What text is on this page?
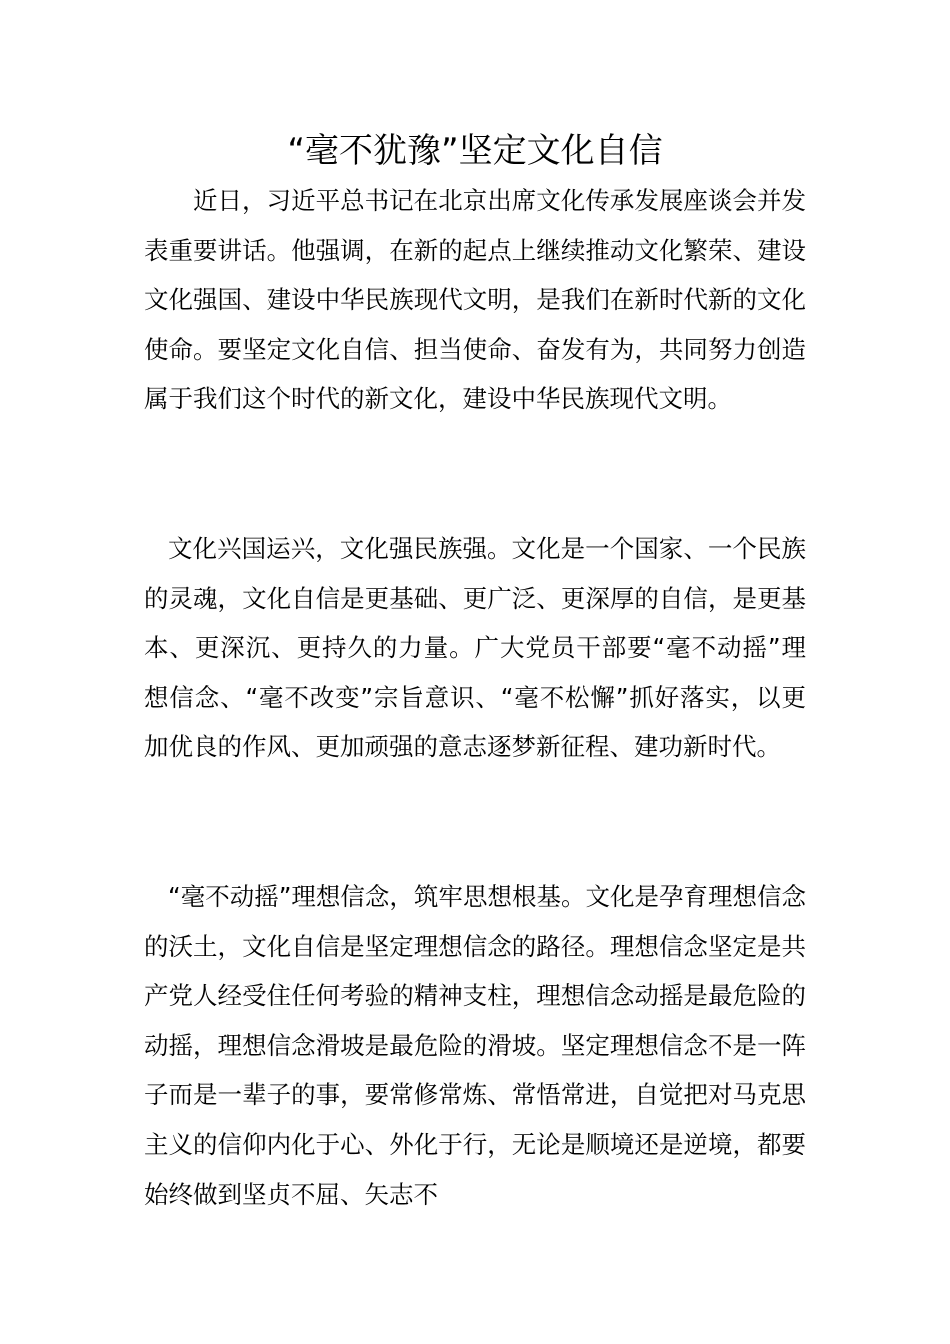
“毫不犹豫”坚定文化自信

近日，习近平总书记在北京出席文化传承发展座谈会并发表重要讲话。他强调，在新的起点上继续推动文化繁荣、建设文化强国、建设中华民族现代文明，是我们在新时代新的文化使命。要坚定文化自信、担当使命、奋发有为，共同努力创造属于我们这个时代的新文化，建设中华民族现代文明。

文化兴国运兴，文化强民族强。文化是一个国家、一个民族的灵魂，文化自信是更基础、更广泛、更深厚的自信，是更基本、更深沉、更持久的力量。广大党员干部要“毫不动摇”理想信念、“毫不改变”宗旨意识、“毫不松懈”抓好落实，以更加优良的作风、更加顽强的意志逐梦新征程、建功新时代。

“毫不动摇”理想信念，筑牢思想根基。文化是孕育理想信念的沃土，文化自信是坚定理想信念的路径。理想信念坚定是共产党人经受住任何考验的精神支柱，理想信念动摇是最危险的动摇，理想信念滑坡是最危险的滑坡。坚定理想信念不是一阵子而是一辈子的事，要常修常炼、常悟常进，自觉把对马克思主义的信仰内化于心、外化于行，无论是顺境还是逆境，都要始终做到坚贞不屈、矢志不
